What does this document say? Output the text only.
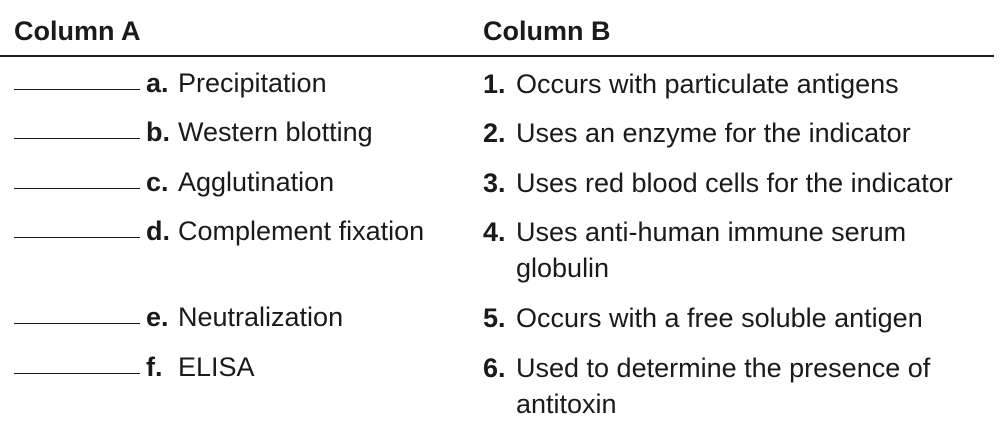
Column A	Column B
a. Precipitation	1. Occurs with particulate antigens
b. Western blotting	2. Uses an enzyme for the indicator
c. Agglutination	3. Uses red blood cells for the indicator
d. Complement fixation 4. Uses anti-human immune serum globulin
e. Neutralization	5. Occurs with a free soluble antigen
f. ELISA	6. Used to determine the presence of antitoxin
